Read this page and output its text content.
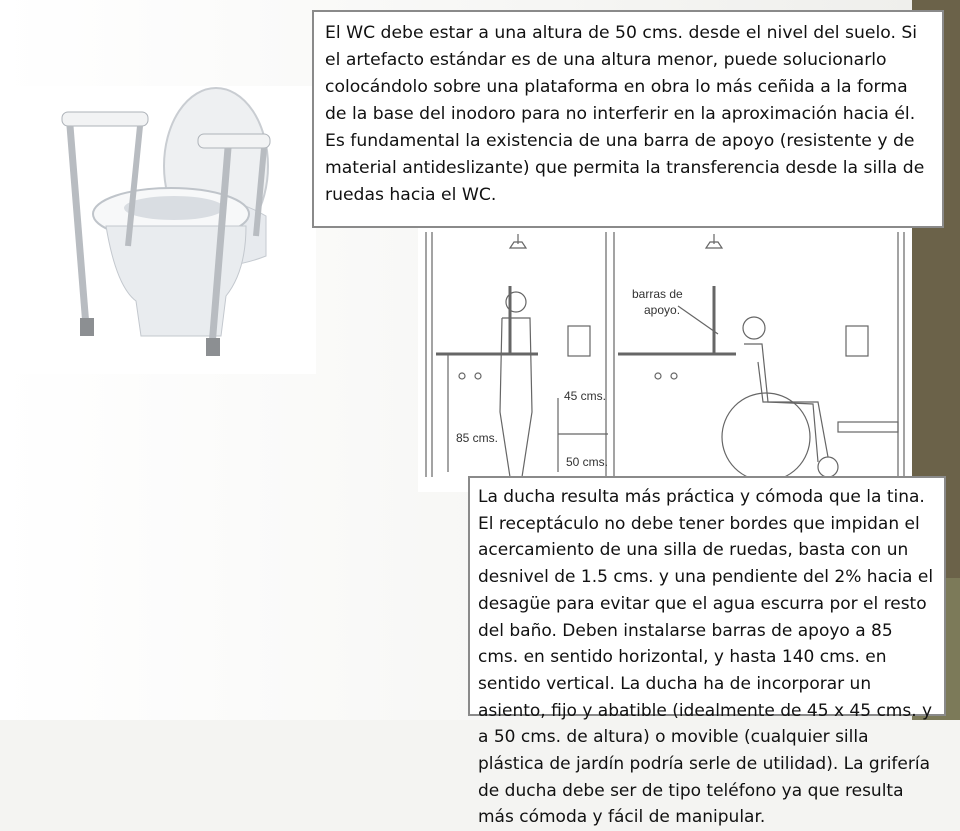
barras de
apoyo.
45 cms.
85 cms.
50 cms.
El WC debe estar a una altura de 50 cms. desde el nivel del suelo. Si el artefacto estándar es de una altura menor, puede solucionarlo colocándolo sobre una plataforma en obra lo más ceñida a la forma de la base del inodoro para no interferir en la aproximación hacia él. Es fundamental la existencia de una barra de apoyo (resistente y de material antideslizante) que permita la transferencia desde la silla de ruedas hacia el WC.
La ducha resulta más práctica y cómoda que la tina. El receptáculo no debe tener bordes que impidan el acercamiento de una silla de ruedas, basta con un desnivel de 1.5 cms. y una pendiente del 2% hacia el desagüe para evitar que el agua escurra por el resto del baño. Deben instalarse barras de apoyo a 85 cms. en sentido horizontal, y hasta 140 cms. en sentido vertical. La ducha ha de incorporar un asiento, fijo y abatible (idealmente de 45 x 45 cms. y a 50 cms. de altura) o movible (cualquier silla plástica de jardín podría serle de utilidad). La grifería de ducha debe ser de tipo teléfono ya que resulta más cómoda y fácil de manipular.
